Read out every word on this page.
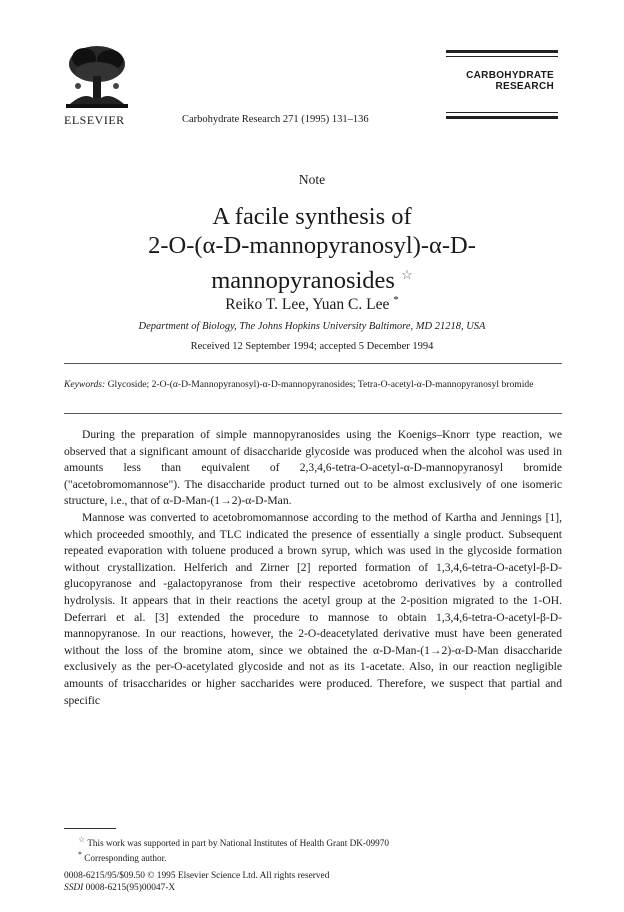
ELSEVIER	Carbohydrate Research 271 (1995) 131–136
CARBOHYDRATE
RESEARCH
Note
A facile synthesis of
2-O-(α-D-mannopyranosyl)-α-D-
mannopyranosides ☆
Reiko T. Lee, Yuan C. Lee *
Department of Biology, The Johns Hopkins University Baltimore, MD 21218, USA
Received 12 September 1994; accepted 5 December 1994
Keywords: Glycoside; 2-O-(α-D-Mannopyranosyl)-α-D-mannopyranosides; Tetra-O-acetyl-α-D-mannopyranosyl bromide

During the preparation of simple mannopyranosides using the Koenigs–Knorr type reaction, we observed that a significant amount of disaccharide glycoside was produced when the alcohol was used in amounts less than equivalent of 2,3,4,6-tetra-O-acetyl-α-D-mannopyranosyl bromide ("acetobromomannose"). The disaccharide product turned out to be almost exclusively of one isomeric structure, i.e., that of α-D-Man-(1→2)-α-D-Man.

Mannose was converted to acetobromomannose according to the method of Kartha and Jennings [1], which proceeded smoothly, and TLC indicated the presence of essentially a single product. Subsequent repeated evaporation with toluene produced a brown syrup, which was used in the glycoside formation without crystallization. Helferich and Zirner [2] reported formation of 1,3,4,6-tetra-O-acetyl-β-D-glucopyranose and -galactopyranose from their respective acetobromo derivatives by a controlled hydrolysis. It appears that in their reactions the acetyl group at the 2-position migrated to the 1-OH. Deferrari et al. [3] extended the procedure to mannose to obtain 1,3,4,6-tetra-O-acetyl-β-D-mannopyranose. In our reactions, however, the 2-O-deacetylated derivative must have been generated without the loss of the bromine atom, since we obtained the α-D-Man-(1→2)-α-D-Man disaccharide exclusively as the per-O-acetylated glycoside and not as its 1-acetate. Also, in our reaction negligible amounts of trisaccharides or higher saccharides were produced. Therefore, we suspect that partial and specific

☆ This work was supported in part by National Institutes of Health Grant DK-09970
* Corresponding author.
0008-6215/95/$09.50 © 1995 Elsevier Science Ltd. All rights reserved
SSDI 0008-6215(95)00047-X
